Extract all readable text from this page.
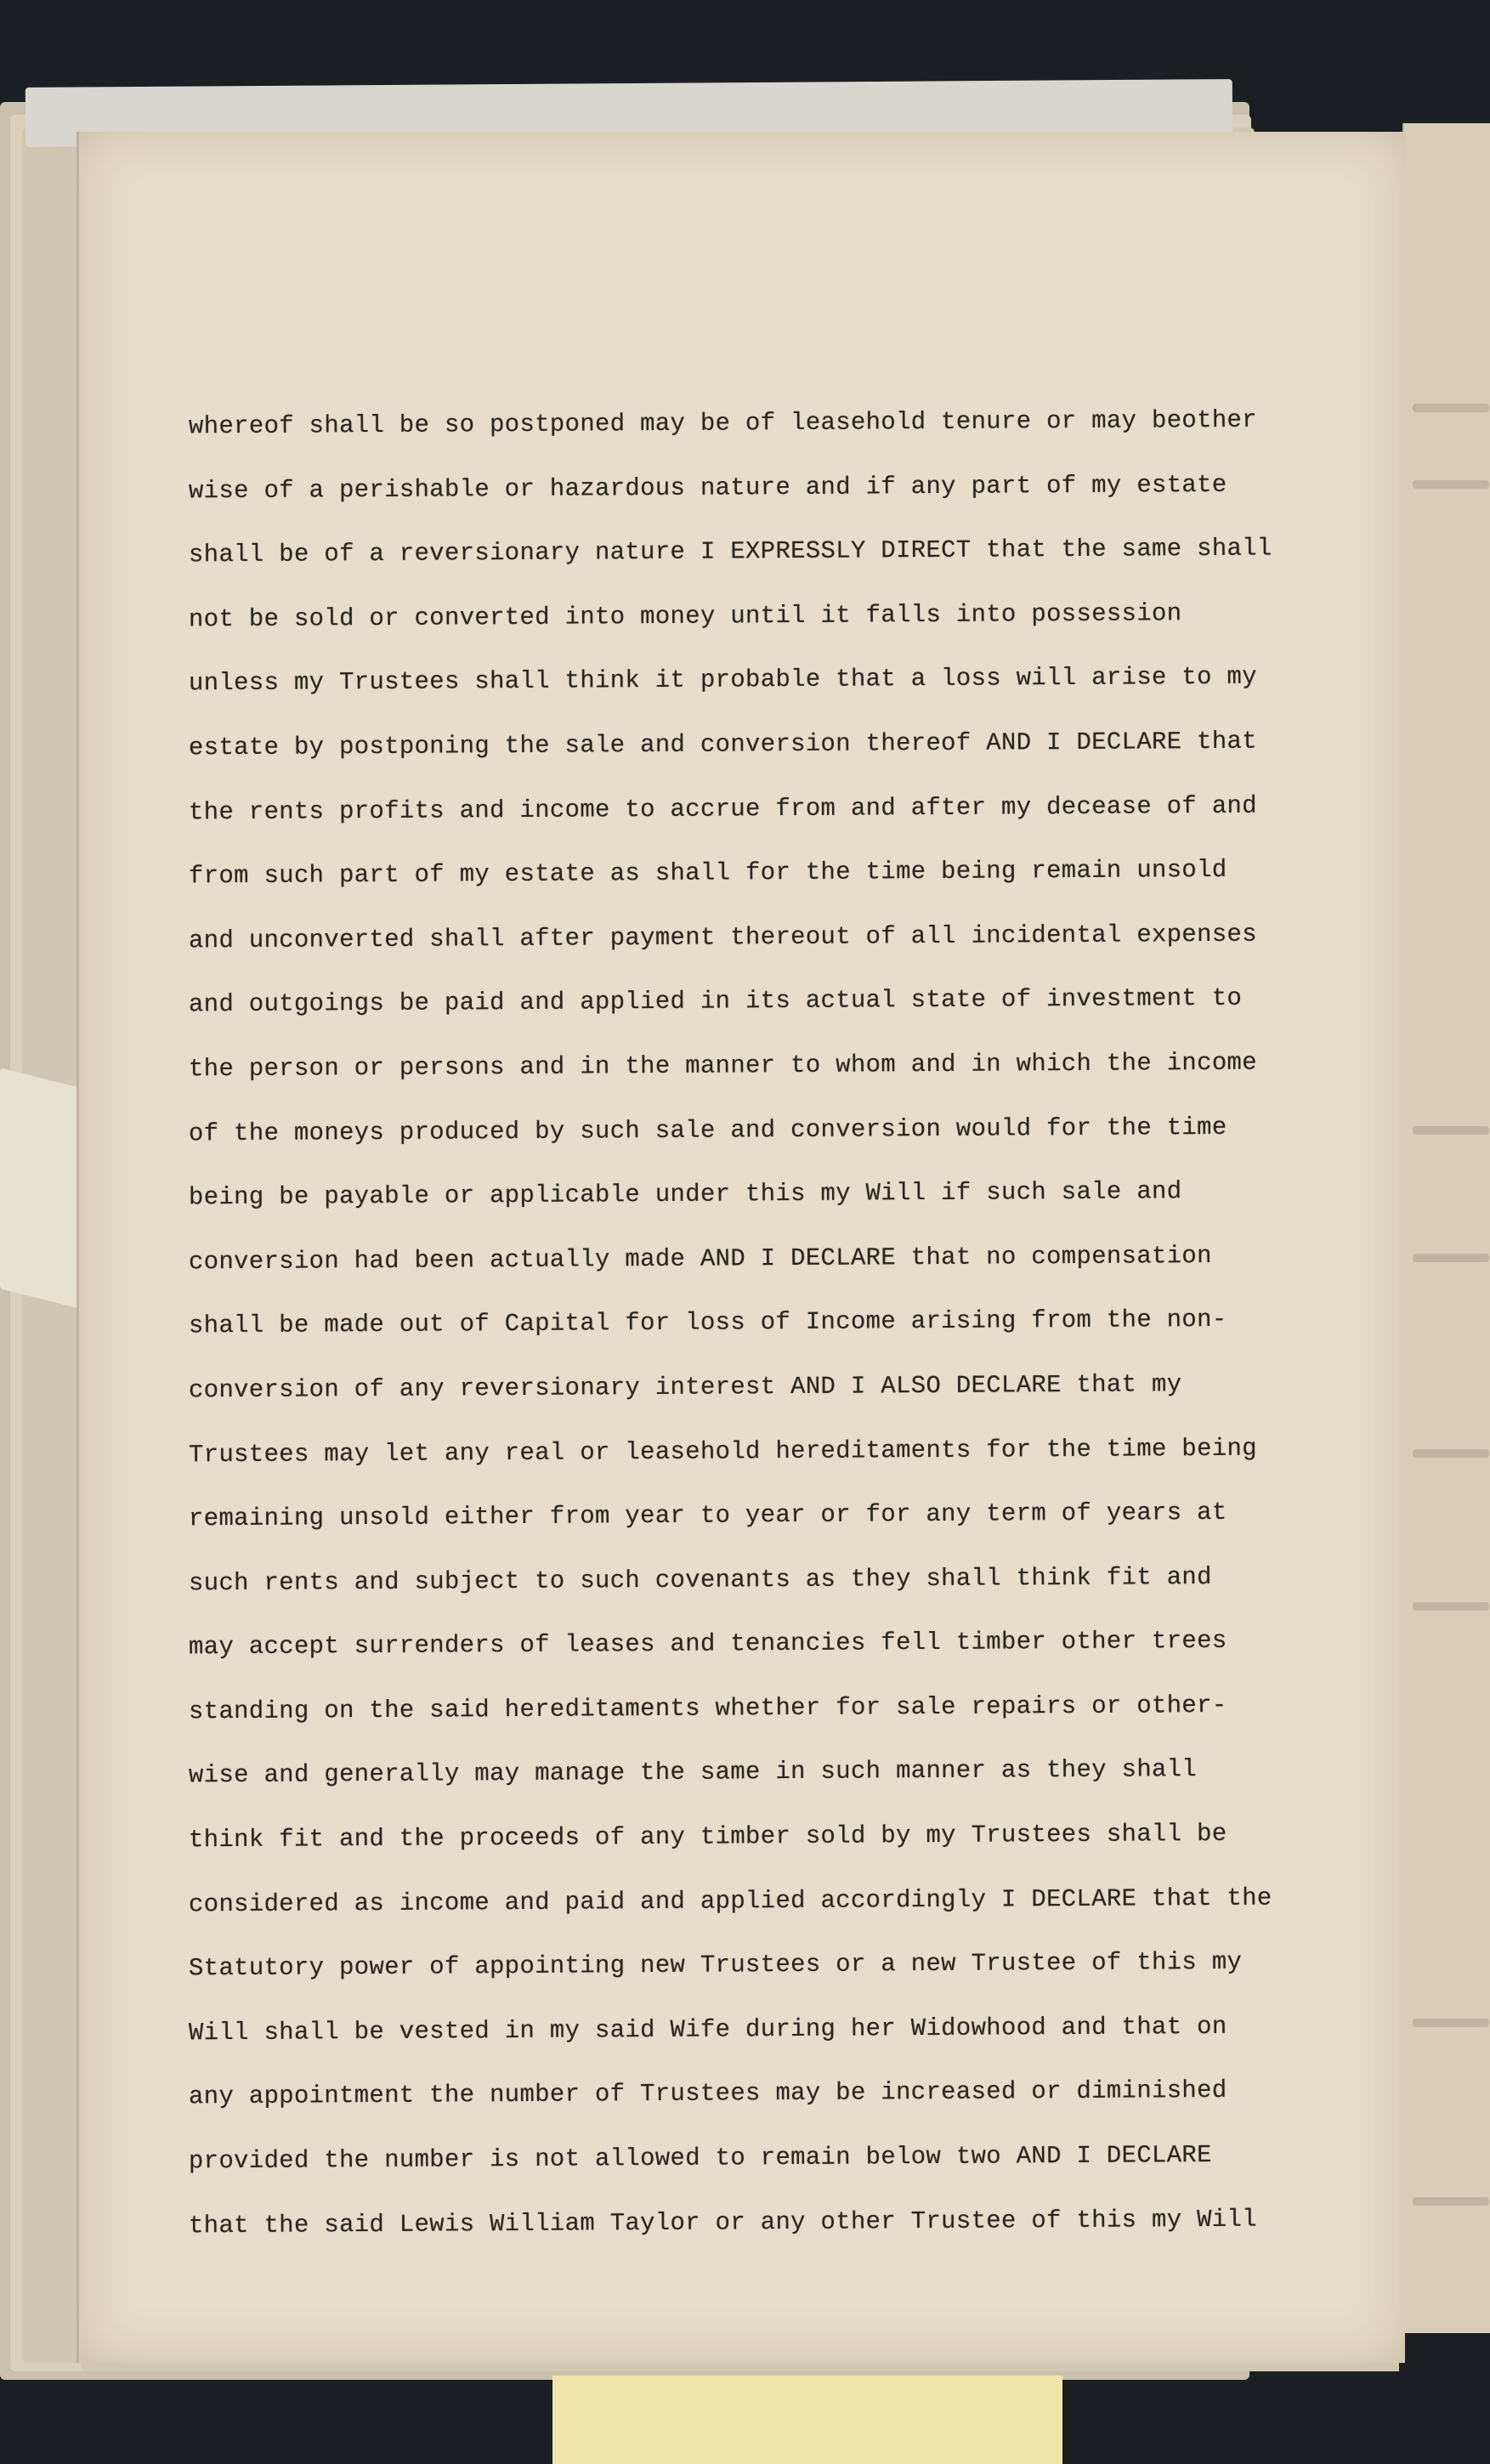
whereof shall be so postponed may be of leasehold tenure or may beother
wise of a perishable or hazardous nature and if any part of my estate
shall be of a reversionary nature I EXPRESSLY DIRECT that the same shall
not be sold or converted into money until it falls into possession
unless my Trustees shall think it probable that a loss will arise to my
estate by postponing the sale and conversion thereof AND I DECLARE that
the rents profits and income to accrue from and after my decease of and
from such part of my estate as shall for the time being remain unsold
and unconverted shall after payment thereout of all incidental expenses
and outgoings be paid and applied in its actual state of investment to
the person or persons and in the manner to whom and in which the income
of the moneys produced by such sale and conversion would for the time
being be payable or applicable under this my Will if such sale and
conversion had been actually made AND I DECLARE that no compensation
shall be made out of Capital for loss of Income arising from the non-
conversion of any reversionary interest AND I ALSO DECLARE that my
Trustees may let any real or leasehold hereditaments for the time being
remaining unsold either from year to year or for any term of years at
such rents and subject to such covenants as they shall think fit and
may accept surrenders of leases and tenancies fell timber other trees
standing on the said hereditaments whether for sale repairs or other-
wise and generally may manage the same in such manner as they shall
think fit and the proceeds of any timber sold by my Trustees shall be
considered as income and paid and applied accordingly I DECLARE that the
Statutory power of appointing new Trustees or a new Trustee of this my
Will shall be vested in my said Wife during her Widowhood and that on
any appointment the number of Trustees may be increased or diminished
provided the number is not allowed to remain below two AND I DECLARE
that the said Lewis William Taylor or any other Trustee of this my Will
